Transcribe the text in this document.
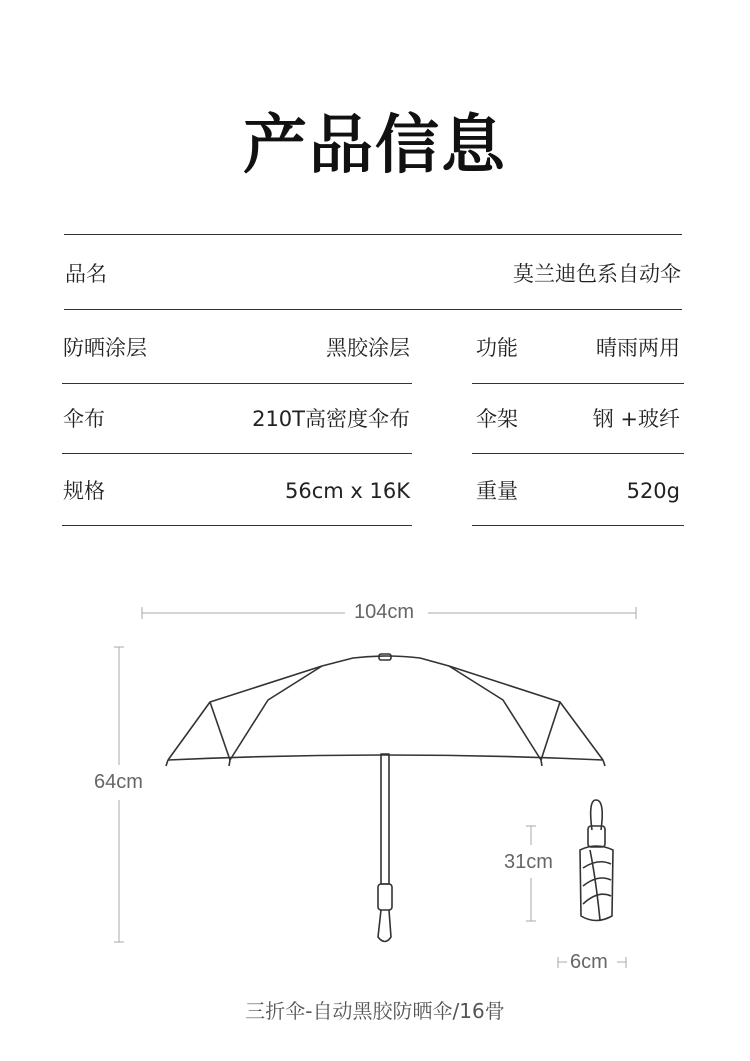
产品信息
品名	莫兰迪色系自动伞
防晒涂层	黑胶涂层	功能	晴雨两用
伞布	210T高密度伞布	伞架	钢 +玻纤
规格	56cm x 16K	重量	520g
104cm
64cm
31cm
6cm
三折伞-自动黑胶防晒伞/16骨
